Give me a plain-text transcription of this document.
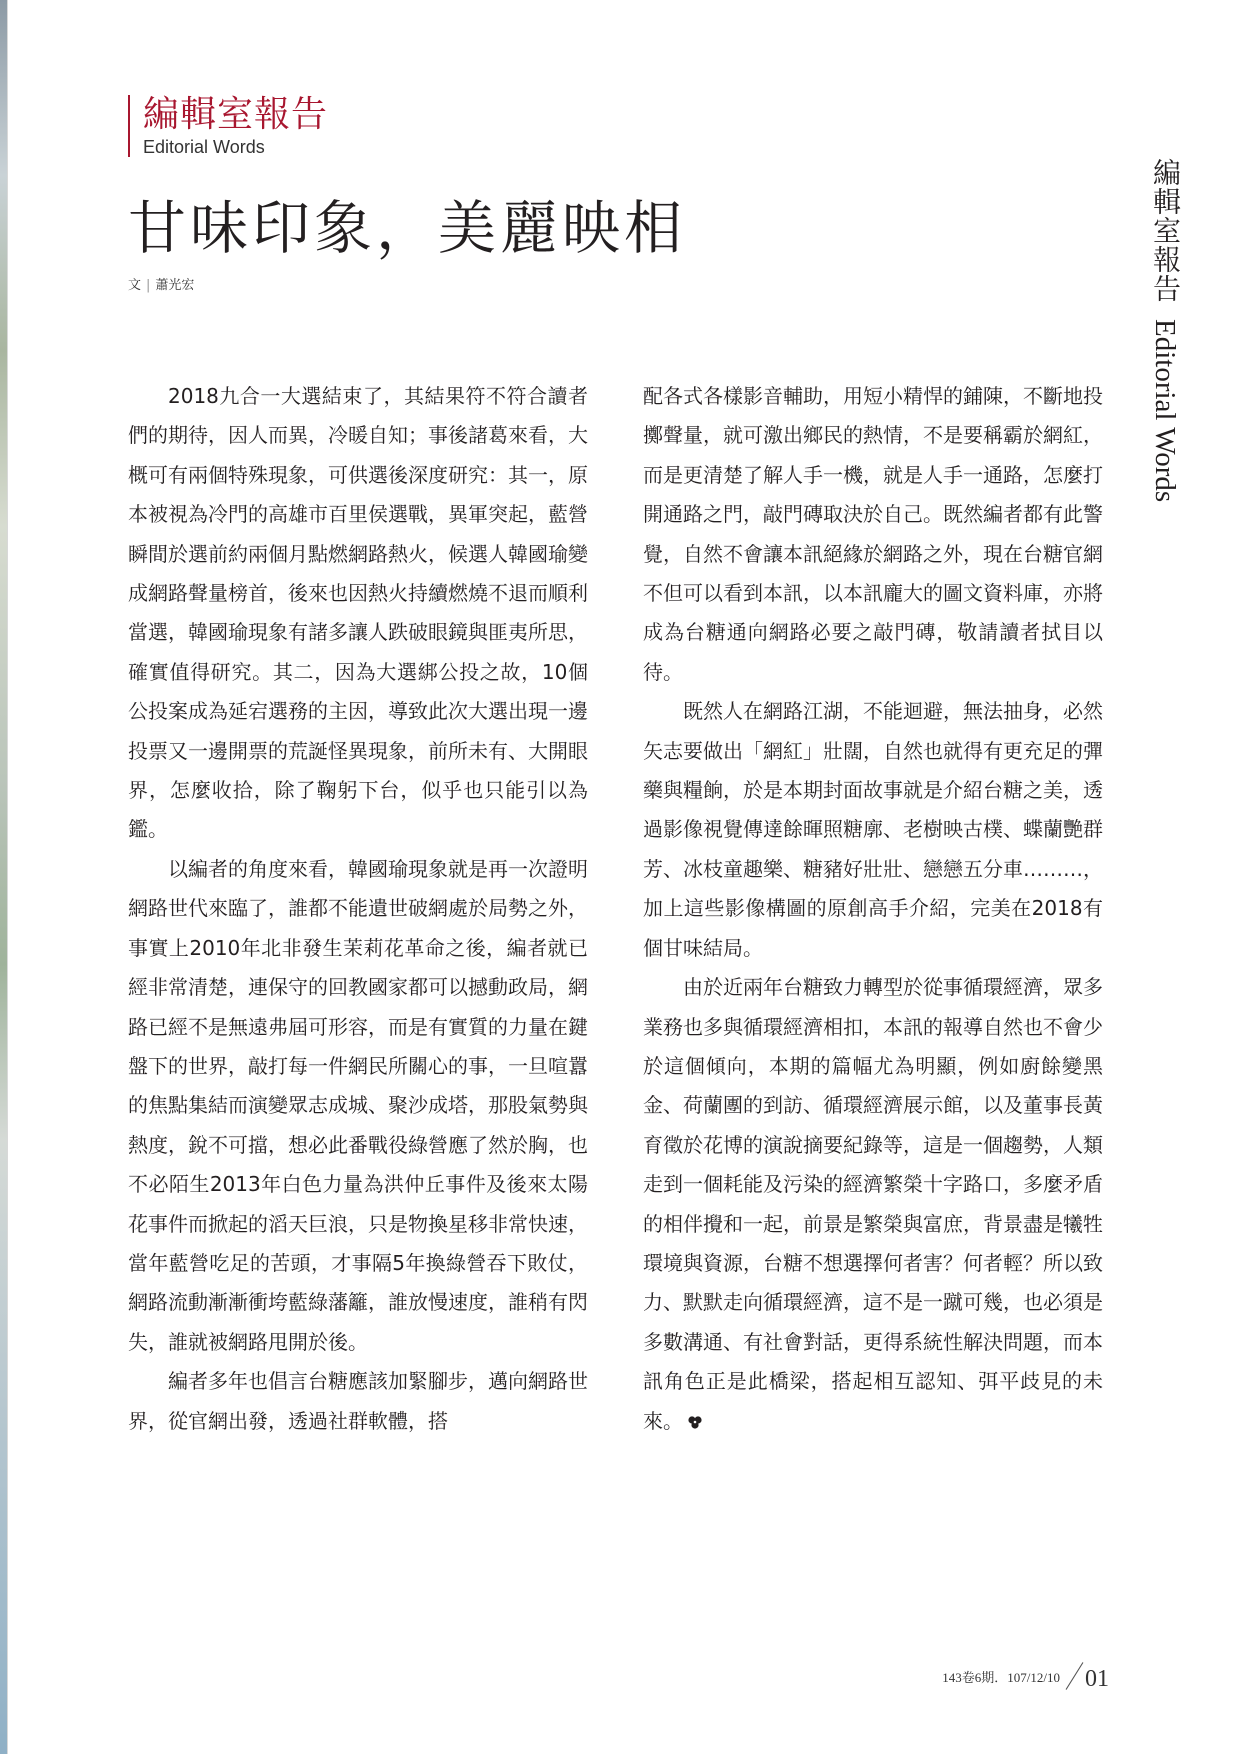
編輯室報告
Editorial Words
甘味印象，美麗映相
文 | 蕭光宏

2018九合一大選結束了，其結果符不符合讀者們的期待，因人而異，冷暖自知；事後諸葛來看，大概可有兩個特殊現象，可供選後深度研究：其一，原本被視為冷門的高雄市百里侯選戰，異軍突起，藍營瞬間於選前約兩個月點燃網路熱火，候選人韓國瑜變成網路聲量榜首，後來也因熱火持續燃燒不退而順利當選，韓國瑜現象有諸多讓人跌破眼鏡與匪夷所思，確實值得研究。其二，因為大選綁公投之故，10個公投案成為延宕選務的主因，導致此次大選出現一邊投票又一邊開票的荒誕怪異現象，前所未有、大開眼界，怎麼收拾，除了鞠躬下台，似乎也只能引以為鑑。

以編者的角度來看，韓國瑜現象就是再一次證明網路世代來臨了，誰都不能遺世破網處於局勢之外，事實上2010年北非發生茉莉花革命之後，編者就已經非常清楚，連保守的回教國家都可以撼動政局，網路已經不是無遠弗屆可形容，而是有實質的力量在鍵盤下的世界，敲打每一件網民所關心的事，一旦喧囂的焦點集結而演變眾志成城、聚沙成塔，那股氣勢與熱度，銳不可擋，想必此番戰役綠營應了然於胸，也不必陌生2013年白色力量為洪仲丘事件及後來太陽花事件而掀起的滔天巨浪，只是物換星移非常快速，當年藍營吃足的苦頭，才事隔5年換綠營吞下敗仗，網路流動漸漸衝垮藍綠藩籬，誰放慢速度，誰稍有閃失，誰就被網路甩開於後。

編者多年也倡言台糖應該加緊腳步，邁向網路世界，從官網出發，透過社群軟體，搭

配各式各樣影音輔助，用短小精悍的鋪陳，不斷地投擲聲量，就可激出鄉民的熱情，不是要稱霸於網紅，而是更清楚了解人手一機，就是人手一通路，怎麼打開通路之門，敲門磚取決於自己。既然編者都有此警覺，自然不會讓本訊絕緣於網路之外，現在台糖官網不但可以看到本訊，以本訊龐大的圖文資料庫，亦將成為台糖通向網路必要之敲門磚，敬請讀者拭目以待。

既然人在網路江湖，不能迴避，無法抽身，必然矢志要做出「網紅」壯闊，自然也就得有更充足的彈藥與糧餉，於是本期封面故事就是介紹台糖之美，透過影像視覺傳達餘暉照糖廓、老樹映古樸、蝶蘭艷群芳、冰枝童趣樂、糖豬好壯壯、戀戀五分車………，加上這些影像構圖的原創高手介紹，完美在2018有個甘味結局。

由於近兩年台糖致力轉型於從事循環經濟，眾多業務也多與循環經濟相扣，本訊的報導自然也不會少於這個傾向，本期的篇幅尤為明顯，例如廚餘變黑金、荷蘭團的到訪、循環經濟展示館，以及董事長黃育徵於花博的演說摘要紀錄等，這是一個趨勢，人類走到一個耗能及污染的經濟繁榮十字路口，多麼矛盾的相伴攪和一起，前景是繁榮與富庶，背景盡是犧牲環境與資源，台糖不想選擇何者害？何者輕？所以致力、默默走向循環經濟，這不是一蹴可幾，也必須是多數溝通、有社會對話，更得系統性解決問題，而本訊角色正是此橋梁，搭起相互認知、弭平歧見的未來。

編輯室報告Editorial Words
$^{143卷6期.107/12/10}$ 01
